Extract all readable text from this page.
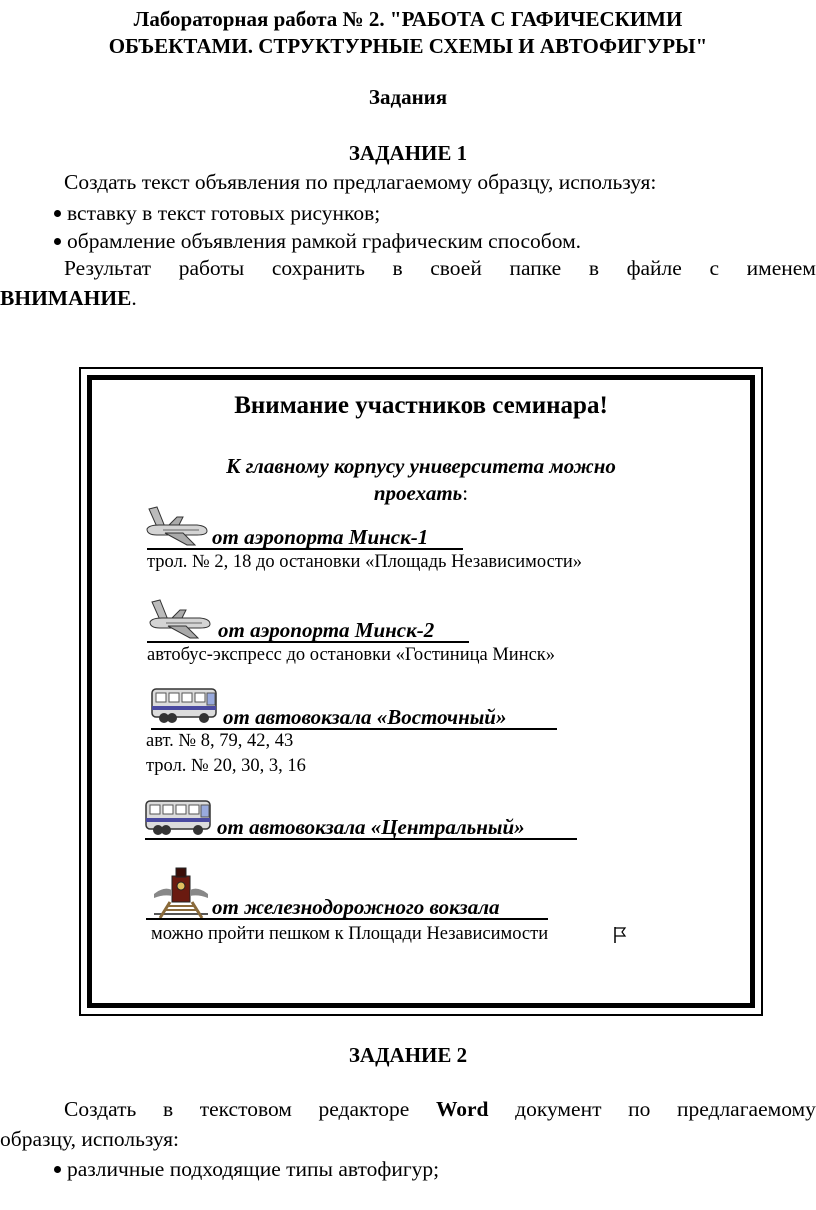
Лабораторная работа № 2. "РАБОТА С ГАФИЧЕСКИМИ
ОБЪЕКТАМИ. СТРУКТУРНЫЕ СХЕМЫ И АВТОФИГУРЫ"
Задания
ЗАДАНИЕ 1
Создать текст объявления по предлагаемому образцу, используя:
вставку в текст готовых рисунков;
обрамление объявления рамкой графическим способом.
Результат работы сохранить в своей папке в файле с именем
ВНИМАНИЕ.
Внимание участников семинара!
К главному корпусу университета можно
проехать:
от аэропорта Минск-1
трол. № 2, 18 до остановки «Площадь Независимости»
от аэропорта Минск-2
автобус-экспресс до остановки «Гостиница Минск»
от автовокзала «Восточный»
авт. № 8, 79, 42, 43
трол. № 20, 30, 3, 16
от автовокзала «Центральный»
от железнодорожного вокзала
можно пройти пешком к Площади Независимости
ЗАДАНИЕ 2
Создать в текстовом редакторе Word документ по предлагаемому
образцу, используя:
различные подходящие типы автофигур;
